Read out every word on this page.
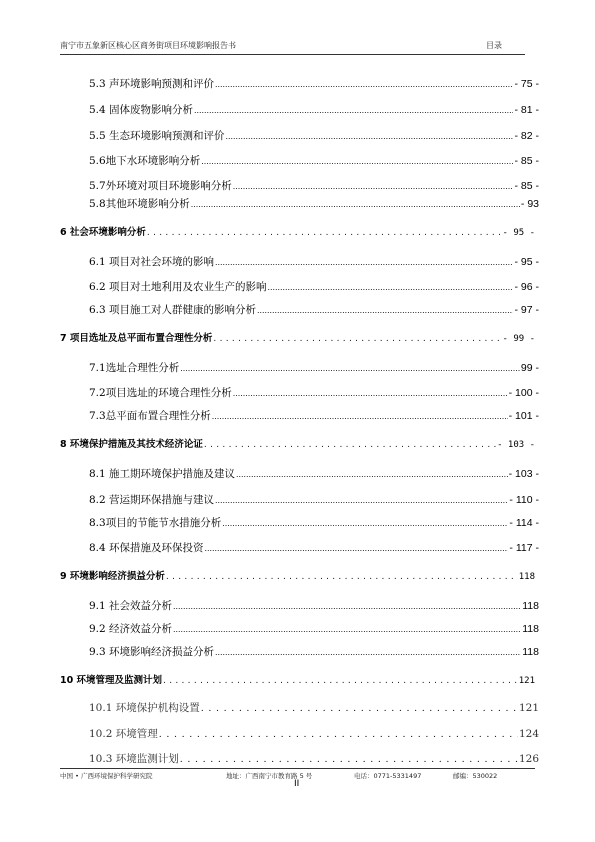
南宁市五象新区核心区商务街项目环境影响报告书	目录
5.3 声环境影响预测和评价 .....	- 75 -
5.4 固体废物影响分析 .....	- 81 -
5.5 生态环境影响预测和评价 .....	- 82 -
5.6地下水环境影响分析 .....	- 85 -
5.7外环境对项目环境影响分析 .....	- 85 -
5.8其他环境影响分析 .....	- 93
6 社会环境影响分析 .....	- 95 -
6.1 项目对社会环境的影响 .....	- 95 -
6.2 项目对土地利用及农业生产的影响 .....	- 96 -
6.3 项目施工对人群健康的影响分析 .....	- 97 -
7 项目选址及总平面布置合理性分析 .....	- 99 -
7.1选址合理性分析 .....	99 -
7.2项目选址的环境合理性分析 .....	- 100 -
7.3总平面布置合理性分析 .....	- 101 -
8 环境保护措施及其技术经济论证 .....	- 103 -
8.1 施工期环境保护措施及建议 .....	- 103 -
8.2 营运期环保措施与建议 .....	- 110 -
8.3项目的节能节水措施分析 .....	- 114 -
8.4 环保措施及环保投资 .....	- 117 -
9 环境影响经济损益分析 .....	118
9.1 社会效益分析 .....	118
9.2 经济效益分析 .....	118
9.3 环境影响经济损益分析 .....	118
10 环境管理及监测计划 .....	121
10.1 环境保护机构设置 .....	121
10.2 环境管理 .....	124
10.3 环境监测计划 .....	126
中国 • 广西环境保护科学研究院	地址：广西南宁市教育路 5 号	电话：0771-5331497	邮编：530022
II
